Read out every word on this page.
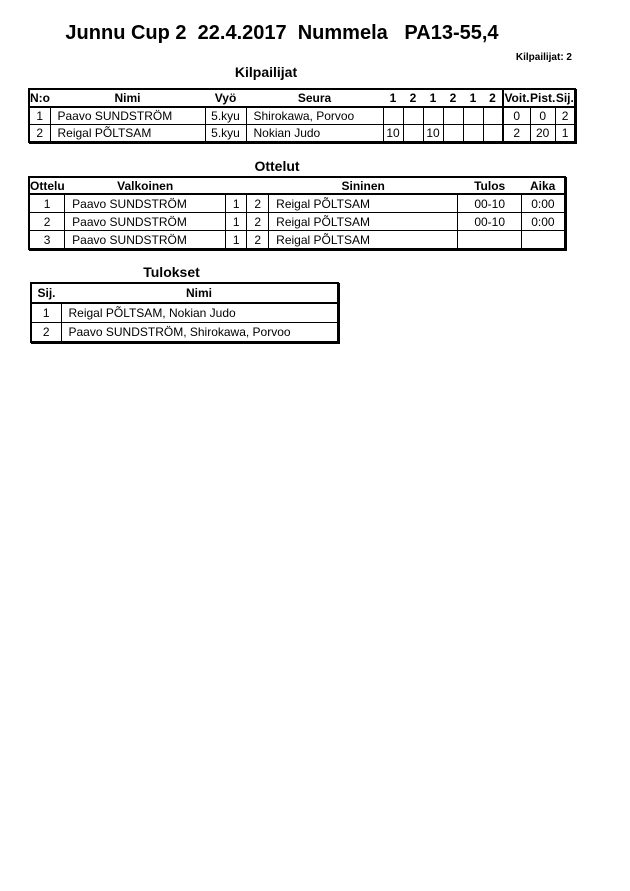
Junnu Cup 2  22.4.2017  Nummela   PA13-55,4
Kilpailijat: 2
Kilpailijat
N:o	Nimi	Vyö	Seura	1	2	1	2	1	2	Voit.	Pist.	Sij.
1	Paavo SUNDSTRÖM	5.kyu	Shirokawa, Porvoo							0	0	2
2	Reigal PÕLTSAM	5.kyu	Nokian Judo	10		10				2	20	1
Ottelut
Ottelu	Valkoinen			Sininen	Tulos	Aika
1	Paavo SUNDSTRÖM	1	2	Reigal PÕLTSAM	00-10	0:00
2	Paavo SUNDSTRÖM	1	2	Reigal PÕLTSAM	00-10	0:00
3	Paavo SUNDSTRÖM	1	2	Reigal PÕLTSAM		
Tulokset
Sij.	Nimi
1	Reigal PÕLTSAM, Nokian Judo
2	Paavo SUNDSTRÖM, Shirokawa, Porvoo
